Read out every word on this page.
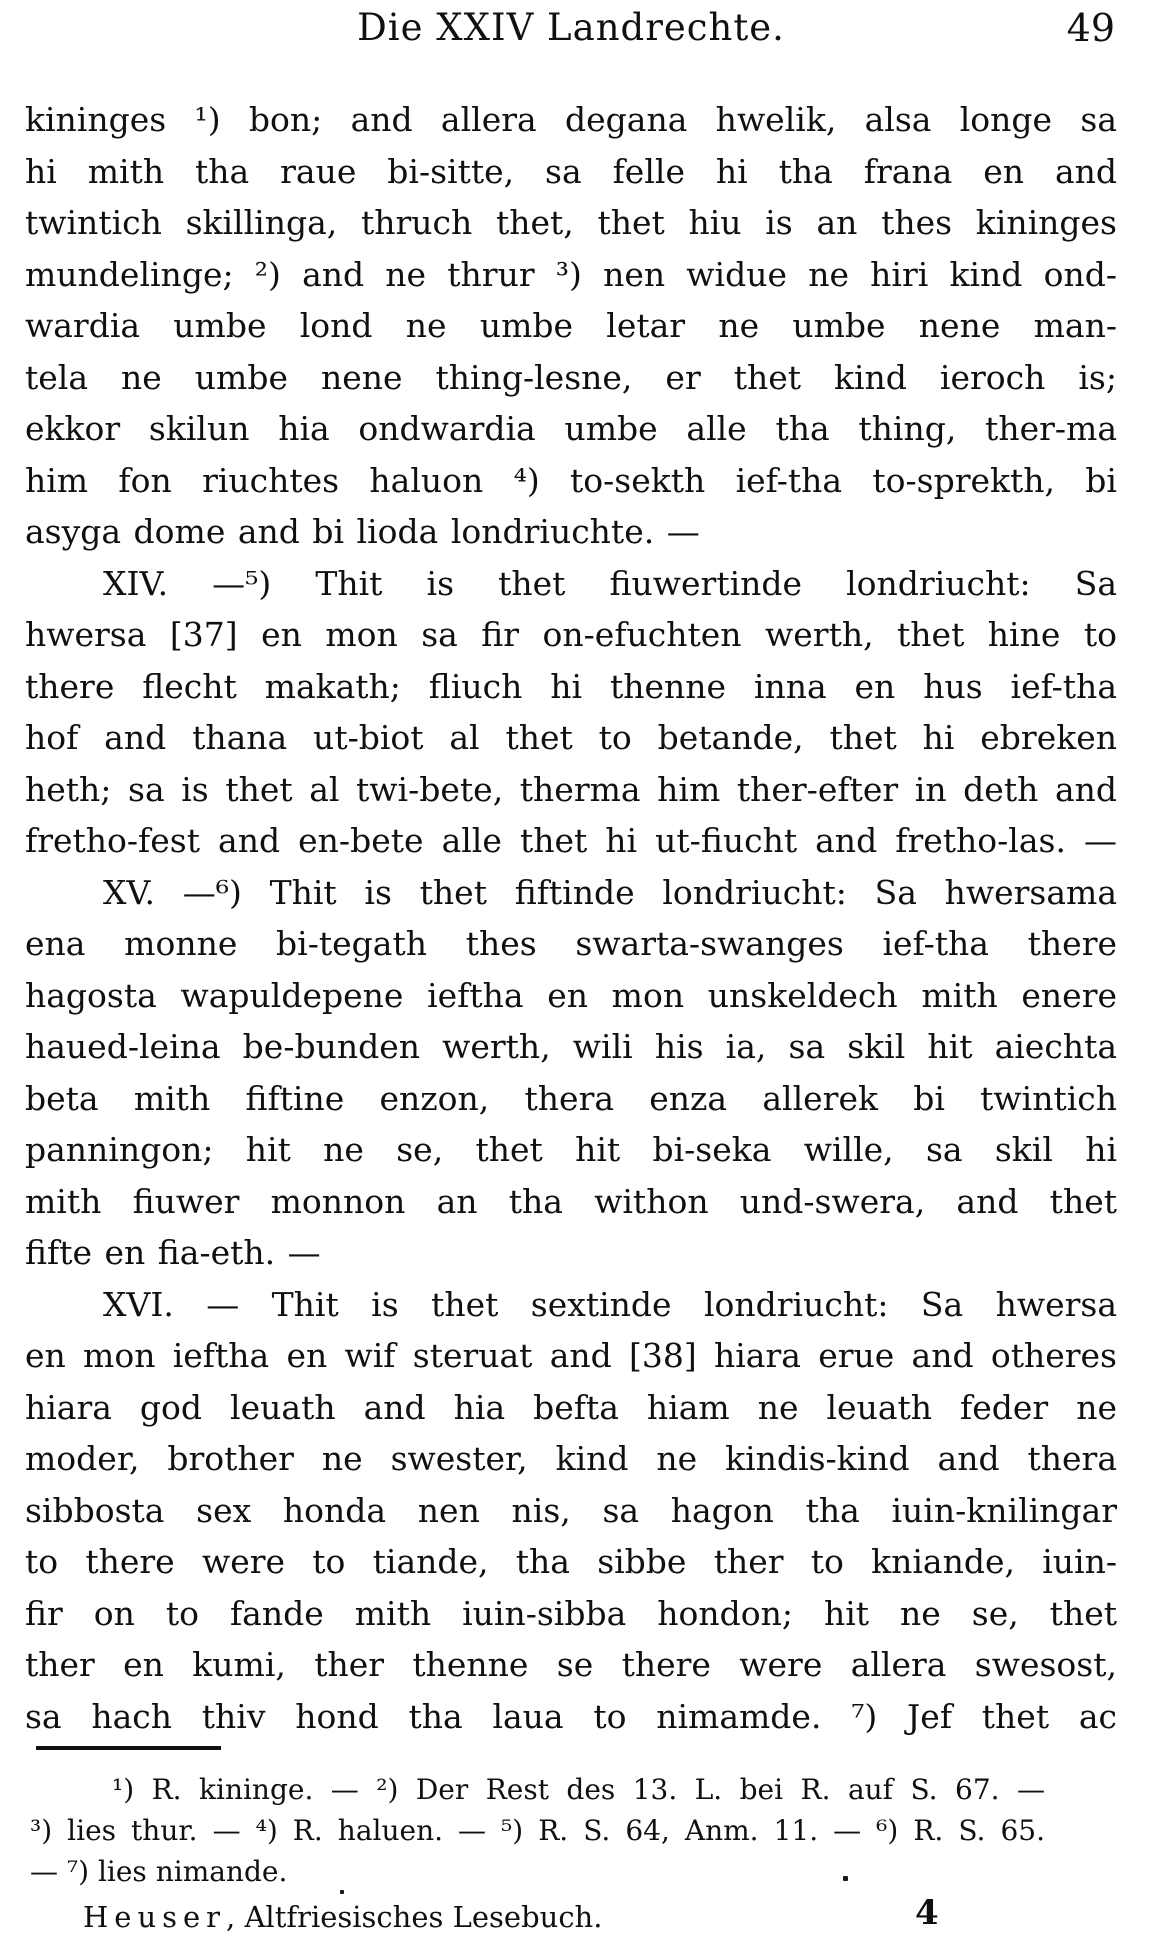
Die XXIV Landrechte.	49
kininges ¹) bon; and allera degana hwelik, alsa longe sa
hi mith tha raue bi-sitte, sa felle hi tha frana en and
twintich skillinga, thruch thet, thet hiu is an thes kininges
mundelinge; ²) and ne thrur ³) nen widue ne hiri kind ond-
wardia umbe lond ne umbe letar ne umbe nene man-
tela ne umbe nene thing-lesne, er thet kind ieroch is;
ekkor skilun hia ondwardia umbe alle tha thing, ther-ma
him fon riuchtes haluon ⁴) to-sekth ief-tha to-sprekth, bi
asyga dome and bi lioda londriuchte. —
XIV. —⁵) Thit is thet fiuwertinde londriucht: Sa
hwersa [37] en mon sa fir on-efuchten werth, thet hine to
there flecht makath; fliuch hi thenne inna en hus ief-tha
hof and thana ut-biot al thet to betande, thet hi ebreken
heth; sa is thet al twi-bete, therma him ther-efter in deth and
fretho-fest and en-bete alle thet hi ut-fiucht and fretho-las. —
XV. —⁶) Thit is thet fiftinde londriucht: Sa hwersama
ena monne bi-tegath thes swarta-swanges ief-tha there
hagosta wapuldepene ieftha en mon unskeldech mith enere
haued-leina be-bunden werth, wili his ia, sa skil hit aiechta
beta mith fiftine enzon, thera enza allerek bi twintich
panningon; hit ne se, thet hit bi-seka wille, sa skil hi
mith fiuwer monnon an tha withon und-swera, and thet
fifte en fia-eth. —
XVI. — Thit is thet sextinde londriucht: Sa hwersa
en mon ieftha en wif steruat and [38] hiara erue and otheres
hiara god leuath and hia befta hiam ne leuath feder ne
moder, brother ne swester, kind ne kindis-kind and thera
sibbosta sex honda nen nis, sa hagon tha iuin-knilingar
to there were to tiande, tha sibbe ther to kniande, iuin-
fir on to fande mith iuin-sibba hondon; hit ne se, thet
ther en kumi, ther thenne se there were allera swesost,
sa hach thiv hond tha laua to nimamde. ⁷) Jef thet ac
¹) R. kininge. — ²) Der Rest des 13. L. bei R. auf S. 67. —
³) lies thur. — ⁴) R. haluen. — ⁵) R. S. 64, Anm. 11. — ⁶) R. S. 65.
— ⁷) lies nimande.
Heuser, Altfriesisches Lesebuch.	4
